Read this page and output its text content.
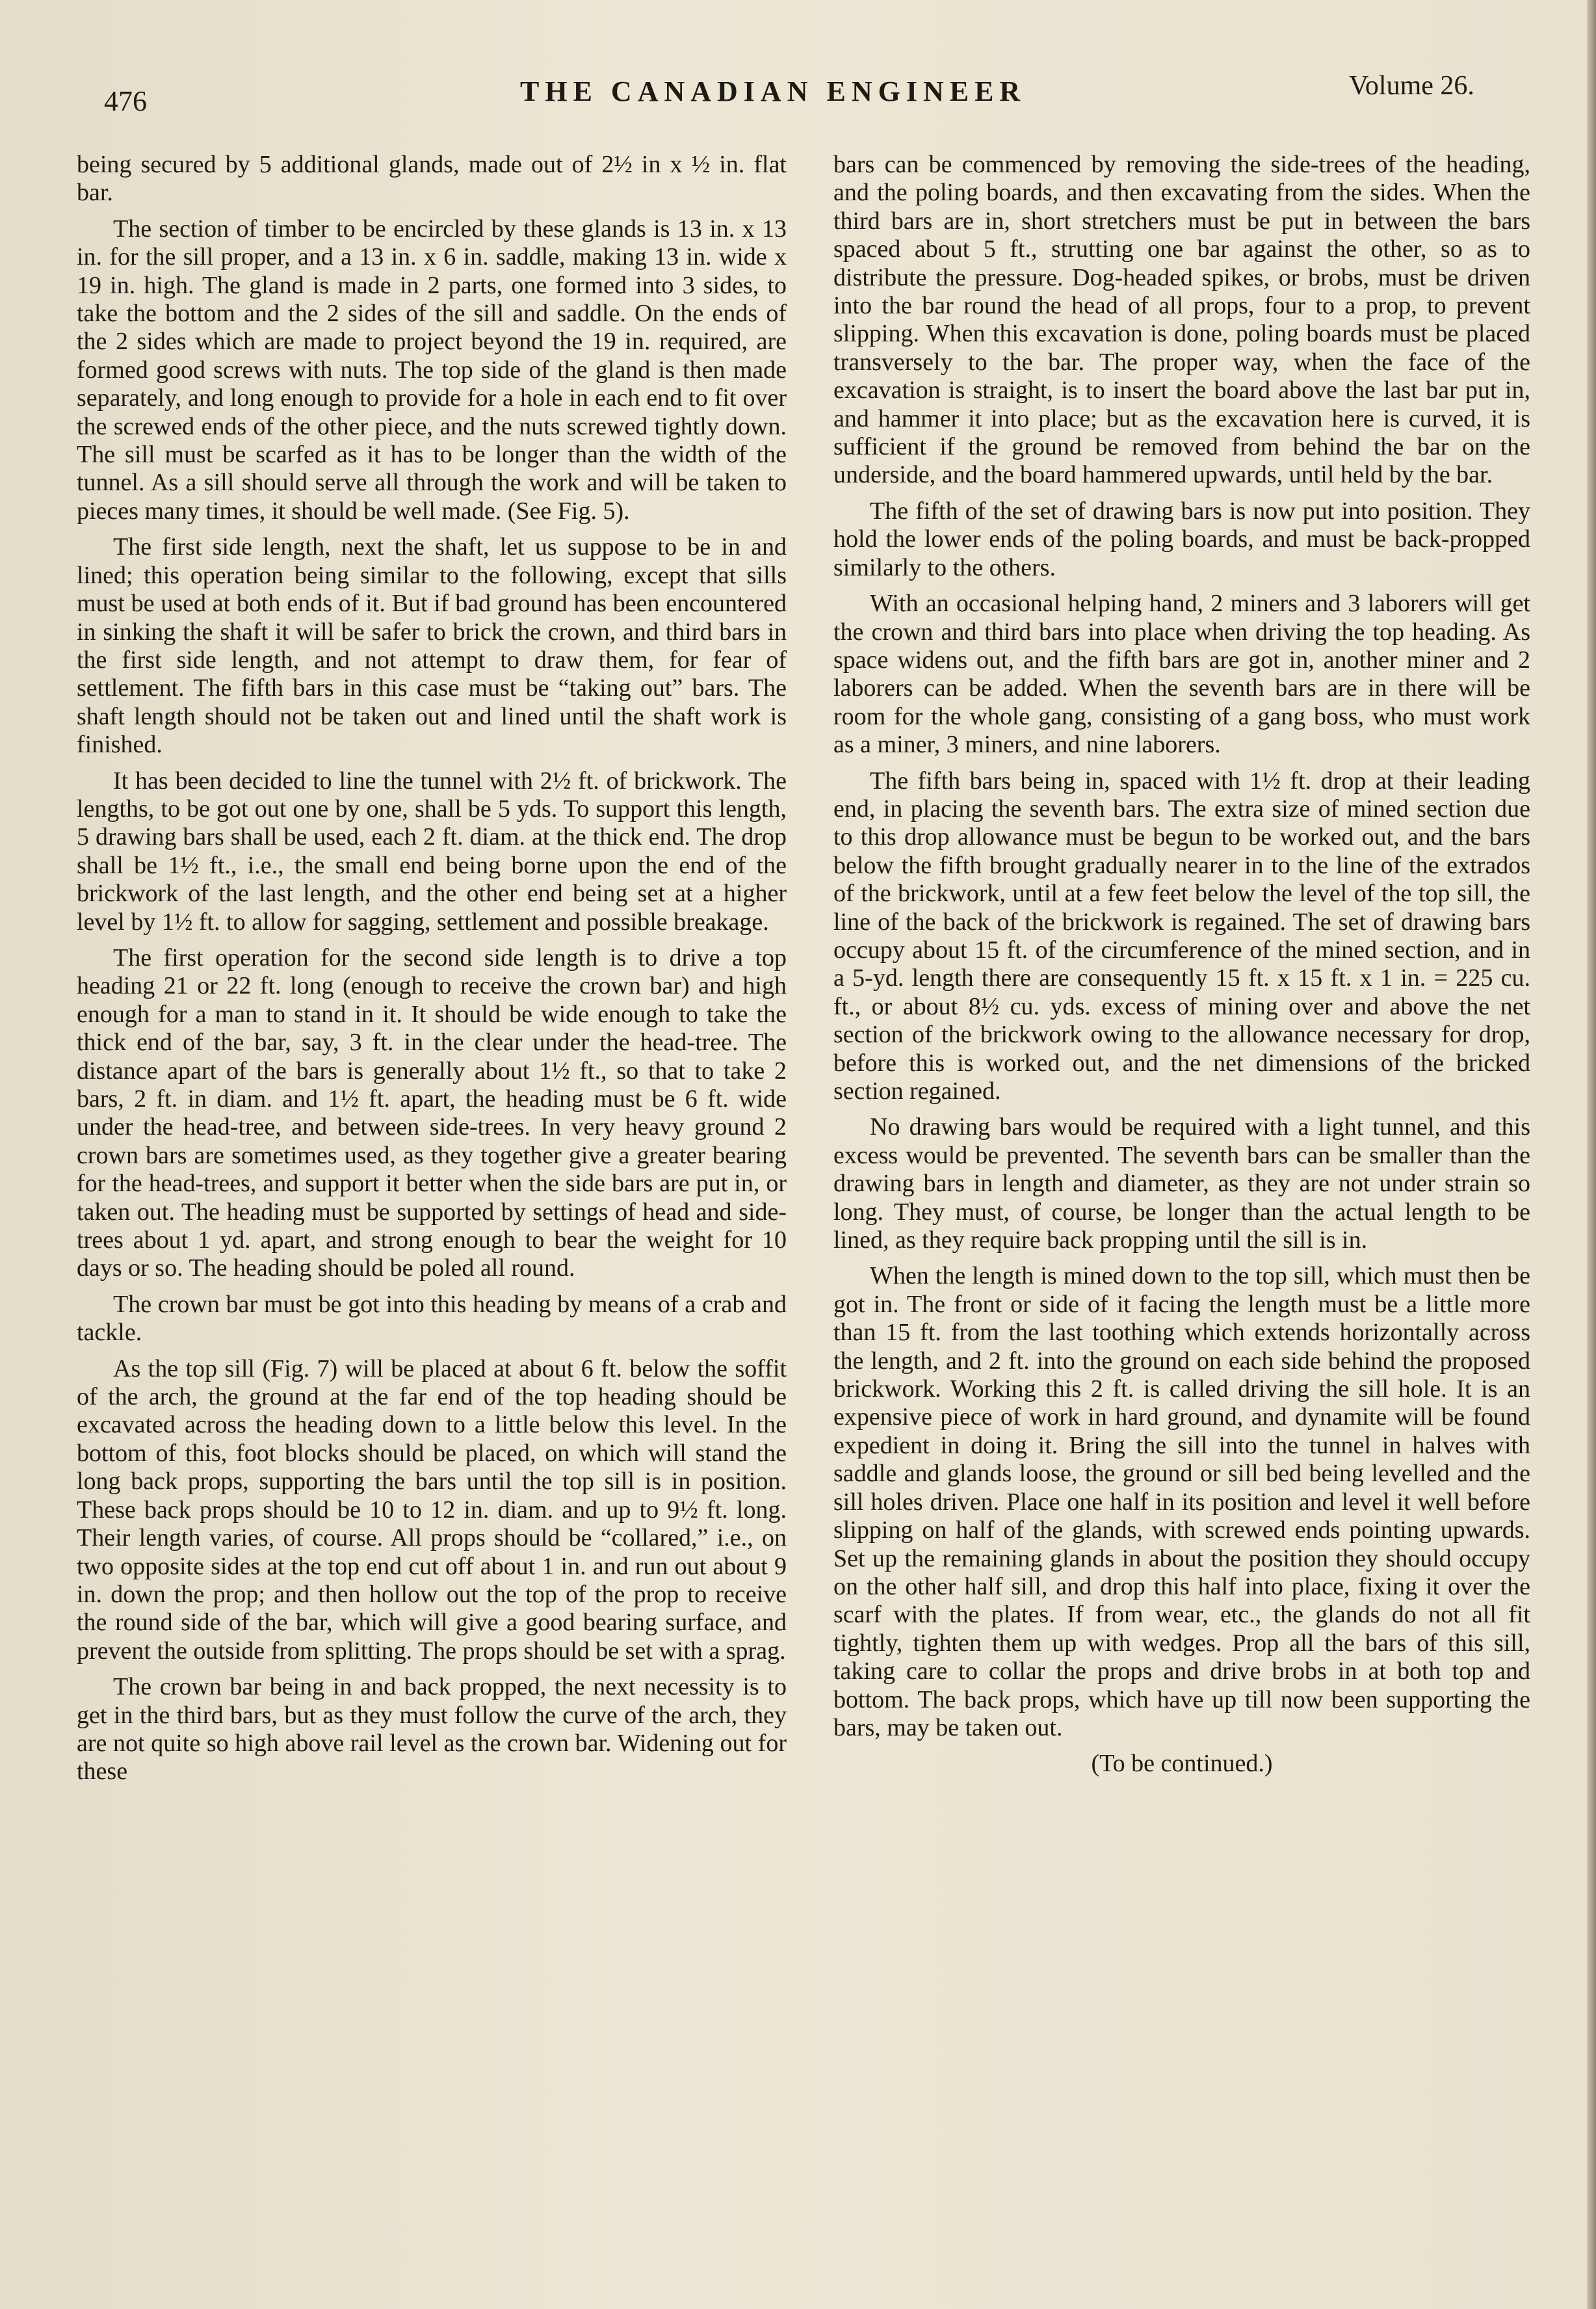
476	THE CANADIAN ENGINEER	Volume 26.

being secured by 5 additional glands, made out of 2½ in x ½ in. flat bar.

The section of timber to be encircled by these glands is 13 in. x 13 in. for the sill proper, and a 13 in. x 6 in. saddle, making 13 in. wide x 19 in. high. The gland is made in 2 parts, one formed into 3 sides, to take the bottom and the 2 sides of the sill and saddle. On the ends of the 2 sides which are made to project beyond the 19 in. required, are formed good screws with nuts. The top side of the gland is then made separately, and long enough to provide for a hole in each end to fit over the screwed ends of the other piece, and the nuts screwed tightly down. The sill must be scarfed as it has to be longer than the width of the tunnel. As a sill should serve all through the work and will be taken to pieces many times, it should be well made. (See Fig. 5).

The first side length, next the shaft, let us suppose to be in and lined; this operation being similar to the following, except that sills must be used at both ends of it. But if bad ground has been encountered in sinking the shaft it will be safer to brick the crown, and third bars in the first side length, and not attempt to draw them, for fear of settlement. The fifth bars in this case must be “taking out” bars. The shaft length should not be taken out and lined until the shaft work is finished.

It has been decided to line the tunnel with 2½ ft. of brickwork. The lengths, to be got out one by one, shall be 5 yds. To support this length, 5 drawing bars shall be used, each 2 ft. diam. at the thick end. The drop shall be 1½ ft., i.e., the small end being borne upon the end of the brickwork of the last length, and the other end being set at a higher level by 1½ ft. to allow for sagging, settlement and possible breakage.

The first operation for the second side length is to drive a top heading 21 or 22 ft. long (enough to receive the crown bar) and high enough for a man to stand in it. It should be wide enough to take the thick end of the bar, say, 3 ft. in the clear under the head-tree. The distance apart of the bars is generally about 1½ ft., so that to take 2 bars, 2 ft. in diam. and 1½ ft. apart, the heading must be 6 ft. wide under the head-tree, and between side-trees. In very heavy ground 2 crown bars are sometimes used, as they together give a greater bearing for the head-trees, and support it better when the side bars are put in, or taken out. The heading must be supported by settings of head and side-trees about 1 yd. apart, and strong enough to bear the weight for 10 days or so. The heading should be poled all round.

The crown bar must be got into this heading by means of a crab and tackle.

As the top sill (Fig. 7) will be placed at about 6 ft. below the soffit of the arch, the ground at the far end of the top heading should be excavated across the heading down to a little below this level. In the bottom of this, foot blocks should be placed, on which will stand the long back props, supporting the bars until the top sill is in position. These back props should be 10 to 12 in. diam. and up to 9½ ft. long. Their length varies, of course. All props should be “collared,” i.e., on two opposite sides at the top end cut off about 1 in. and run out about 9 in. down the prop; and then hollow out the top of the prop to receive the round side of the bar, which will give a good bearing surface, and prevent the outside from splitting. The props should be set with a sprag.

The crown bar being in and back propped, the next necessity is to get in the third bars, but as they must follow the curve of the arch, they are not quite so high above rail level as the crown bar. Widening out for these

bars can be commenced by removing the side-trees of the heading, and the poling boards, and then excavating from the sides. When the third bars are in, short stretchers must be put in between the bars spaced about 5 ft., strutting one bar against the other, so as to distribute the pressure. Dog-headed spikes, or brobs, must be driven into the bar round the head of all props, four to a prop, to prevent slipping. When this excavation is done, poling boards must be placed transversely to the bar. The proper way, when the face of the excavation is straight, is to insert the board above the last bar put in, and hammer it into place; but as the excavation here is curved, it is sufficient if the ground be removed from behind the bar on the underside, and the board hammered upwards, until held by the bar.

The fifth of the set of drawing bars is now put into position. They hold the lower ends of the poling boards, and must be back-propped similarly to the others.

With an occasional helping hand, 2 miners and 3 laborers will get the crown and third bars into place when driving the top heading. As space widens out, and the fifth bars are got in, another miner and 2 laborers can be added. When the seventh bars are in there will be room for the whole gang, consisting of a gang boss, who must work as a miner, 3 miners, and nine laborers.

The fifth bars being in, spaced with 1½ ft. drop at their leading end, in placing the seventh bars. The extra size of mined section due to this drop allowance must be begun to be worked out, and the bars below the fifth brought gradually nearer in to the line of the extrados of the brickwork, until at a few feet below the level of the top sill, the line of the back of the brickwork is regained. The set of drawing bars occupy about 15 ft. of the circumference of the mined section, and in a 5-yd. length there are consequently 15 ft. x 15 ft. x 1 in. = 225 cu. ft., or about 8½ cu. yds. excess of mining over and above the net section of the brickwork owing to the allowance necessary for drop, before this is worked out, and the net dimensions of the bricked section regained.

No drawing bars would be required with a light tunnel, and this excess would be prevented. The seventh bars can be smaller than the drawing bars in length and diameter, as they are not under strain so long. They must, of course, be longer than the actual length to be lined, as they require back propping until the sill is in.

When the length is mined down to the top sill, which must then be got in. The front or side of it facing the length must be a little more than 15 ft. from the last toothing which extends horizontally across the length, and 2 ft. into the ground on each side behind the proposed brickwork. Working this 2 ft. is called driving the sill hole. It is an expensive piece of work in hard ground, and dynamite will be found expedient in doing it. Bring the sill into the tunnel in halves with saddle and glands loose, the ground or sill bed being levelled and the sill holes driven. Place one half in its position and level it well before slipping on half of the glands, with screwed ends pointing upwards. Set up the remaining glands in about the position they should occupy on the other half sill, and drop this half into place, fixing it over the scarf with the plates. If from wear, etc., the glands do not all fit tightly, tighten them up with wedges. Prop all the bars of this sill, taking care to collar the props and drive brobs in at both top and bottom. The back props, which have up till now been supporting the bars, may be taken out.

(To be continued.)
